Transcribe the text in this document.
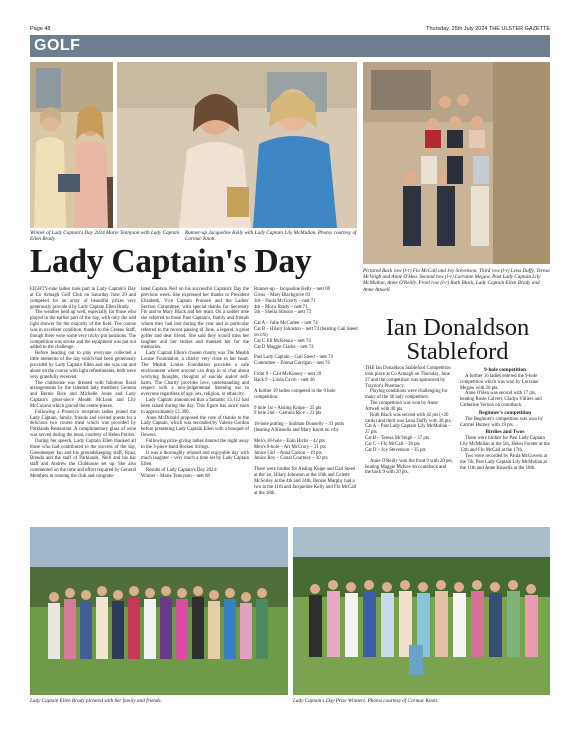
Page 48	Thursday, 25th July 2024 THE ULSTER GAZETTE
GOLF
Winner of Lady Captain's Day 2024 Marie Tennyson with Lady Captain Ellen Brady.
Runner-up Jacqueline Kelly with Lady Captain Lily McMullan. Photos courtesy of Cormac Knott.
Pictured Back row (l-r) Flo McCall and Joy Stevenson. Third row (l-r) Lena Duffy, Teresa McVeigh and Anne O'Hea. Second row (l-r) Lorraine Megaw, Past Lady Captain Lily McMullan, Anne O'Reilly. Front row (l-r) Ruth Black, Lady Captain Ellen Brady and Anne Attwell.
Lady Captain's Day

EIGHTY-nine ladies took part in Lady Captain's Day at Co Armagh Golf Club on Saturday June 29 and competed for an array of beautiful prizes very generously provide d by Lady Captain Ellen Brady.

The weather held up well, especially for those who played in the earlier part of the day, with only the odd light shower for the majority of the field. The course was in excellent condition, thanks to the Greens Staff, though there were some very tricky pin positions. The competition was stroke and the equipment was put out added to the challenge.

Before heading out to play everyone collected a little memento of the day which had been generously provided by Lady Captain Ellen and she was out and about on the course with light refreshments, both were very gratefully received.

The clubhouse was dressed with fabulous floral arrangements by the talented lady members Gemma and Bernie Rice and Michelle Jones and Lady Captain's great-niece Meabh McLean and Lily McCavana which graced the centre-pieces.

Following a Prosecco reception ladies joined the Lady Captain, family, friends and invited guests for a delicious two course meal which was provided by Parklands Restaurant. A complimentary glass of wine was served during the meal, courtesy of Helen Poirier.

During her speech, Lady Captain Ellen thanked all those who had contributed to the success of the day, Greenkeeper Ian and his groundskeeping staff, Ryan, Brenda and the staff of Parklands, Neill and his bar staff and Andrew the Clubhouse set up. She also commented on the time and effort required by General Members in running the club and congratu-

lated Captain Neil on his successful Captain's Day the previous week. She expressed her thanks to President Elizabeth, Vice Captain Pronsen and the Ladies' Section Committee, with special thanks for Secretary Flo and to Mary Black and her team. On a sadder note she referred to those Past Captain's, family and friends whom they had lost during the year and in particular referred to the recent passing of June, a legend, a great golfer and dear friend. She said they would miss her laughter and her stories and thanked her for the memories.

Lady Captain Ellen's chosen charity was The Meabh Louise Foundation, a charity very close to her heart. The Meabh Louise Foundation provides a safe environment where anyone can drop in to chat about worrying thoughts, thoughts of suicide and/or self-harm. The Charity provides love, understanding and respect with a non-judgemental listening ear to everyone regardless of age, sex, religion, or ethnicity.

Lady Captain announced that a fantastic £1,112 had been raised during the day. This figure has since risen to approximately £1,300.

Anne McDonald proposed the vote of thanks to the Lady Captain, which was seconded by Valerie Gordon before presenting Lady Captain Ellen with a bouquet of flowers.

Following prize-giving ladies danced the night away to the 3-piece band Broken Strings.

It was a thoroughly relaxed and enjoyable day with much laughter – very much a time set by Lady Captain Ellen.

Results of Lady Captain's Day 2024:

Winner – Marie Tennyson – nett 68

Runner-up – Jacqueline Kelly – nett 69

Gross – Mary Blackgrove 83

3rd – Paula McGoorty – nett 71

4th – Moya Brady – nett 71

5th – Sheila Stinson – nett 73

Cat A – Julie McCarten – nett 74

Cat B – Hilary Johnston – nett 74 (beating Gail Steed on c/b)

Cat C Jill McKenna – nett 74

Cat D Maggie Clarke – nett 74

Past Lady Captain – Gail Steed – nett 74

Committee – Emma Gurrigan – nett 76

Front 9 – Cait McKinney – nett 30

Back 9 – Linda Cavin – nett 36

A further 19 ladies competed in the 9 hole competition.

9 hole 1st – Aisling Knipe – 25 pts

9 hole 2nd – Gemma Rice – 21 pts

18-hole putting – Siobhan Donnelly – 33 putts (beating A Kinsella and Mary Knott on c/b)

Men's 18-hole – Eoin Hicks – 42 pts

Men's 9-hole – Art McCrory – 21 pts

Junior Girl – Anna Carson – 19 pts

Junior Boy – Conal Courtney – 30 pts

There were birdies for Aisling Knipe and Gail Steed at the 1st, Hilary Johnston at the 10th and Colette McSorley at the 4th and 14th, Denise Murphy had a two at the 11th and Jacqueline Kelly and Flo McCall at the 18th.

Ian Donaldson
Stableford

THE Ian Donaldson Stableford Competition took place at Co Armagh on Thursday, June 27 and the competition was sponsored by Traynor's Pharmacy.

Playing conditions were challenging for many of the 46 lady competitors.

The competition was won by Anne Attwell with 40 pts.

Ruth Black was second with 42 pts (+20 cards) and third was Lena Duffy with 38 pts.

Cat A – Past Lady Captain Lily McMullan – 37 pts

Cat B – Teresa McVeigh – 37 pts

Cat C – Flo McCall – 36 pts

Cat D – Joy Stevenson – 35 pts

Anne O'Reilly won the front 9 with 20 pts, beating Maggie McKee on countback and the back 9 with 20 pts.

9-hole competition

A further 16 ladies entered the 9-hole competition which was won by Lorraine Megaw with 20 pts.

Anne O'Hea was second with 17 pts, beating Rosie Calvert, Gladys Villiers and Catherine Vernon on countback.

Beginner's competition

The Beginner's competition was won by Carmel Hurney with 19 pts.

Birdies and Twos

There were birdies for Past Lady Captain Lily McMullan at the 5th, Helen Forster at the 13th and Flo McCall at the 17th.

Two were recorded by Paula McGovern at the 7th, Past Lady Captain Lily McMullan at the 11th and Anne Kinsella at the 18th.

Lady Captain Ellen Brady pictured with her family and friends.	Lady Captain's Day Prize Winners. Photos courtesy of Cormac Knott.
